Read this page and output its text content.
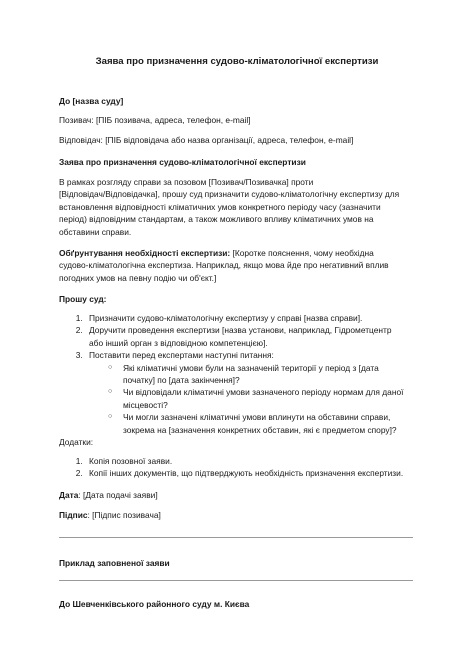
Заява про призначення судово-кліматологічної експертизи

До [назва суду]

Позивач: [ПІБ позивача, адреса, телефон, e-mail]

Відповідач: [ПІБ відповідача або назва організації, адреса, телефон, e-mail]

Заява про призначення судово-кліматологічної експертизи

В рамках розгляду справи за позовом [Позивач/Позивачка] проти
[Відповідач/Відповідачка], прошу суд призначити судово-кліматологічну експертизу для
встановлення відповідності кліматичних умов конкретного періоду часу (зазначити
період) відповідним стандартам, а також можливого впливу кліматичних умов на
обставини справи.

Обґрунтування необхідності експертизи: [Коротке пояснення, чому необхідна
судово-кліматологічна експертиза. Наприклад, якщо мова йде про негативний вплив
погодних умов на певну подію чи об'єкт.]

Прошу суд:

1. Призначити судово-кліматологічну експертизу у справі [назва справи].
2. Доручити проведення експертизи [назва установи, наприклад, Гідрометцентр
або інший орган з відповідною компетенцією].
3. Поставити перед експертами наступні питання:
○ Які кліматичні умови були на зазначеній території у період з [дата
початку] по [дата закінчення]?
○ Чи відповідали кліматичні умови зазначеного періоду нормам для даної
місцевості?
○ Чи могли зазначені кліматичні умови вплинути на обставини справи,
зокрема на [зазначення конкретних обставин, які є предметом спору]?

Додатки:

1. Копія позовної заяви.
2. Копії інших документів, що підтверджують необхідність призначення експертизи.

Дата: [Дата подачі заяви]

Підпис: [Підпис позивача]

Приклад заповненої заяви

До Шевченківського районного суду м. Києва
